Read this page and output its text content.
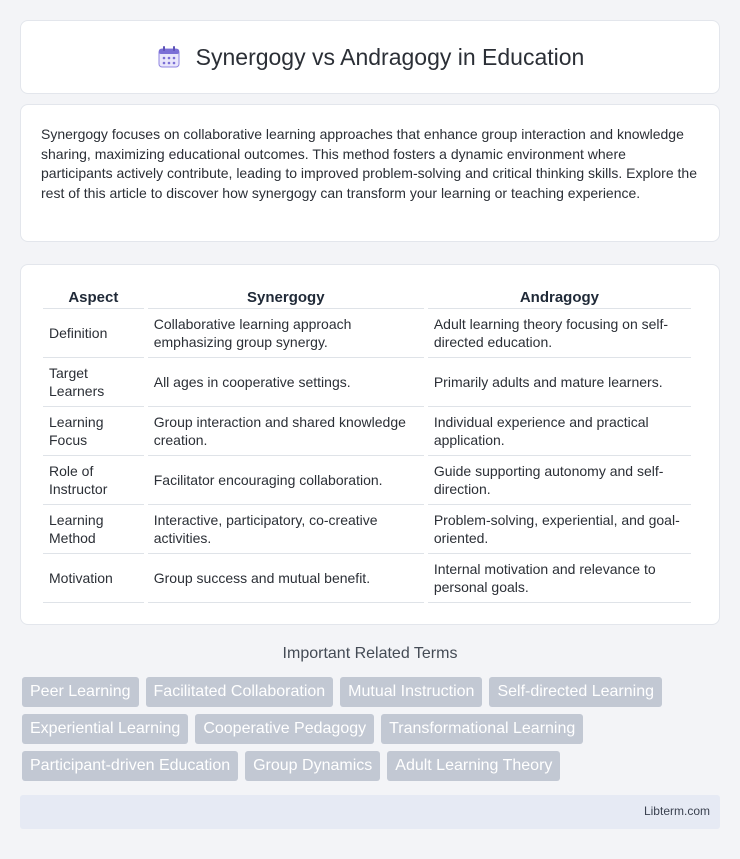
Synergogy vs Andragogy in Education

Synergogy focuses on collaborative learning approaches that enhance group interaction and knowledge sharing, maximizing educational outcomes. This method fosters a dynamic environment where participants actively contribute, leading to improved problem-solving and critical thinking skills. Explore the rest of this article to discover how synergogy can transform your learning or teaching experience.

Aspect	Synergogy	Andragogy
Definition	Collaborative learning approach emphasizing group synergy.	Adult learning theory focusing on self-directed education.
Target Learners	All ages in cooperative settings.	Primarily adults and mature learners.
Learning Focus	Group interaction and shared knowledge creation.	Individual experience and practical application.
Role of Instructor	Facilitator encouraging collaboration.	Guide supporting autonomy and self-direction.
Learning Method	Interactive, participatory, co-creative activities.	Problem-solving, experiential, and goal-oriented.
Motivation	Group success and mutual benefit.	Internal motivation and relevance to personal goals.
Important Related Terms
Peer Learning	Facilitated Collaboration	Mutual Instruction	Self-directed Learning
Experiential Learning	Cooperative Pedagogy	Transformational Learning
Participant-driven Education	Group Dynamics	Adult Learning Theory
Libterm.com
